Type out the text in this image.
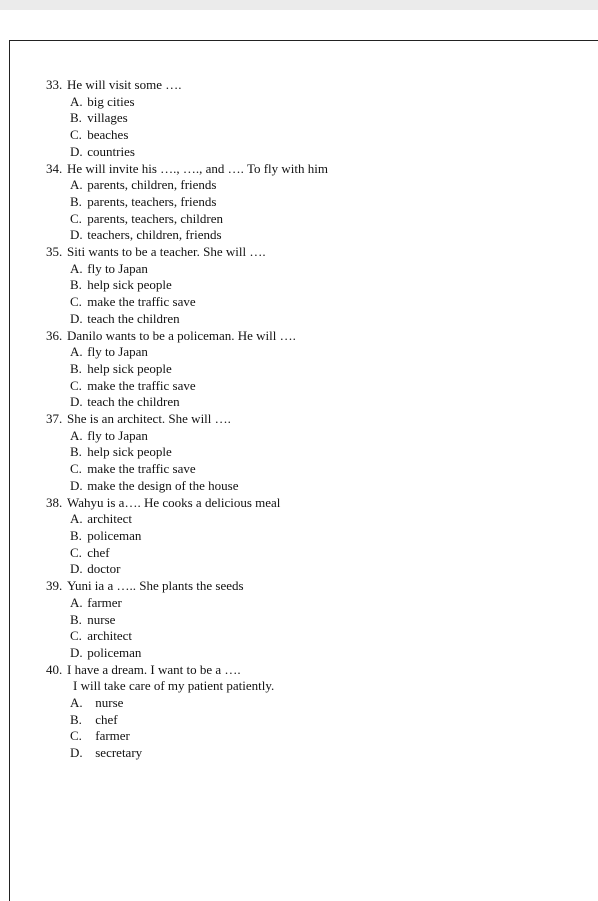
33. He will visit some ….
A. big cities
B. villages
C. beaches
D. countries
34. He will invite his …., …., and …. To fly with him
A. parents, children, friends
B. parents, teachers, friends
C. parents, teachers, children
D. teachers, children, friends
35. Siti wants to be a teacher. She will ….
A. fly to Japan
B. help sick people
C. make the traffic save
D. teach the children
36. Danilo wants to be a policeman. He will ….
A. fly to Japan
B. help sick people
C. make the traffic save
D. teach the children
37. She is an architect. She will ….
A. fly to Japan
B. help sick people
C. make the traffic save
D. make the design of the house
38. Wahyu is a…. He cooks a delicious meal
A. architect
B. policeman
C. chef
D. doctor
39. Yuni ia a ….. She plants the seeds
A. farmer
B. nurse
C. architect
D. policeman
40. I have a dream. I want to be a ….
I will take care of my patient patiently.
A. nurse
B. chef
C. farmer
D. secretary
